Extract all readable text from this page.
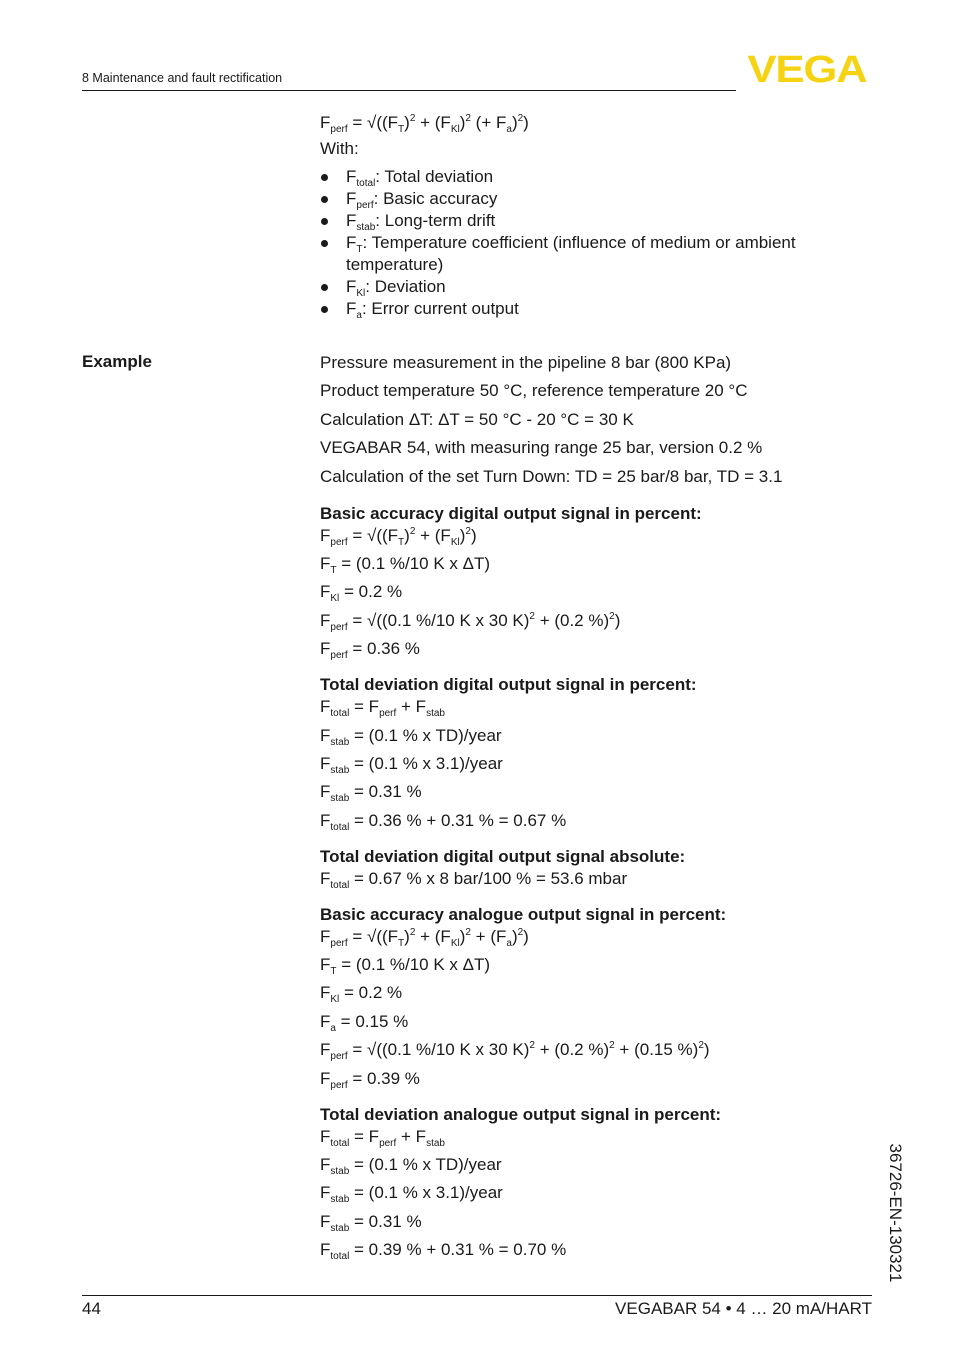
8 Maintenance and fault rectification	VEGA

$F_{perf} = √((F_T)^2 + (F_{Kl})^2$ (+ $F_a)^2$)

With:

$F_{total}$: Total deviation
$F_{perf}$: Basic accuracy
$F_{stab}$: Long-term drift
$F_T$: Temperature coefficient (influence of medium or ambient temperature)
$F_{Kl}$: Deviation
$F_a$: Error current output
Example	Pressure measurement in the pipeline 8 bar (800 KPa)

Product temperature 50 °C, reference temperature 20 °C

Calculation ΔT: ΔT = 50 °C - 20 °C = 30 K

VEGABAR 54, with measuring range 25 bar, version 0.2 %

Calculation of the set Turn Down: TD = 25 bar/8 bar, TD = 3.1

Basic accuracy digital output signal in percent:

$F_{perf} = √((F_T)^2 + (F_{Kl})^2)$

$F_T = (0.1$ %/10 K x ΔT)

$F_{Kl} = 0.2$ %

$F_{perf} = √((0.1$ %/10 K x 30 K)$^2$ + (0.2 %)$^2$)

$F_{perf} = 0.36$ %

Total deviation digital output signal in percent:

$F_{total} = F_{perf} + F_{stab}$

$F_{stab} = (0.1$ % x TD)/year

$F_{stab} = (0.1$ % x 3.1)/year

$F_{stab} = 0.31$ %

$F_{total} = 0.36$ % + 0.31 % = 0.67 %

Total deviation digital output signal absolute:

$F_{total} = 0.67$ % x 8 bar/100 % = 53.6 mbar

Basic accuracy analogue output signal in percent:

$F_{perf} = √((F_T)^2 + (F_{Kl})^2 + (F_a)^2)$

$F_T = (0.1$ %/10 K x ΔT)

$F_{Kl} = 0.2$ %

$F_a = 0.15$ %

$F_{perf} = √((0.1$ %/10 K x 30 K)$^2$ + (0.2 %)$^2$ + (0.15 %)$^2$)

$F_{perf} = 0.39$ %

Total deviation analogue output signal in percent:

$F_{total} = F_{perf} + F_{stab}$

$F_{stab} = (0.1$ % x TD)/year

$F_{stab} = (0.1$ % x 3.1)/year

$F_{stab} = 0.31$ %

$F_{total} = 0.39$ % + 0.31 % = 0.70 %	36726-EN-130321
44	VEGABAR 54 • 4 … 20 mA/HART
